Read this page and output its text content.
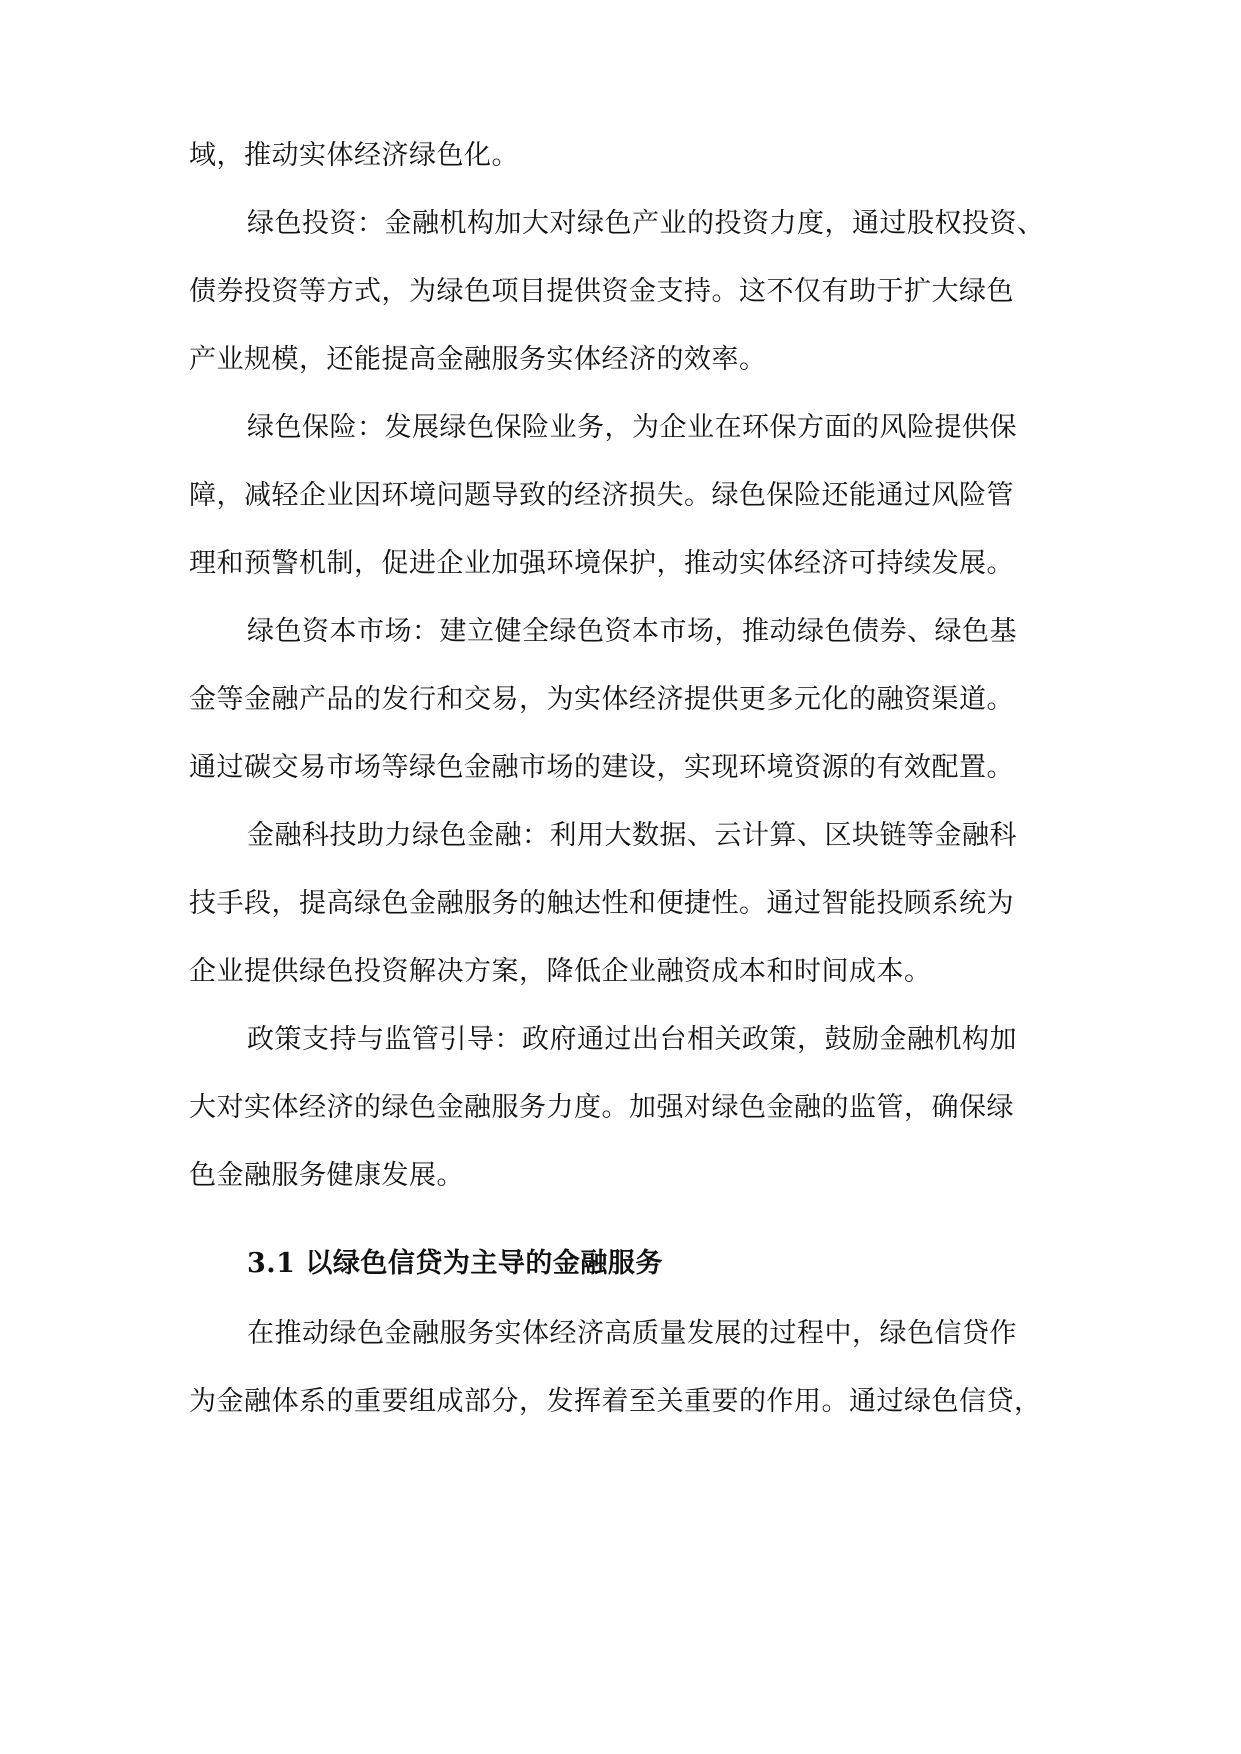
域，推动实体经济绿色化。
绿色投资：金融机构加大对绿色产业的投资力度，通过股权投资、
债券投资等方式，为绿色项目提供资金支持。这不仅有助于扩大绿色
产业规模，还能提高金融服务实体经济的效率。
绿色保险：发展绿色保险业务，为企业在环保方面的风险提供保
障，减轻企业因环境问题导致的经济损失。绿色保险还能通过风险管
理和预警机制，促进企业加强环境保护，推动实体经济可持续发展。
绿色资本市场：建立健全绿色资本市场，推动绿色债券、绿色基
金等金融产品的发行和交易，为实体经济提供更多元化的融资渠道。
通过碳交易市场等绿色金融市场的建设，实现环境资源的有效配置。
金融科技助力绿色金融：利用大数据、云计算、区块链等金融科
技手段，提高绿色金融服务的触达性和便捷性。通过智能投顾系统为
企业提供绿色投资解决方案，降低企业融资成本和时间成本。
政策支持与监管引导：政府通过出台相关政策，鼓励金融机构加
大对实体经济的绿色金融服务力度。加强对绿色金融的监管，确保绿
色金融服务健康发展。
3.1 以绿色信贷为主导的金融服务
在推动绿色金融服务实体经济高质量发展的过程中，绿色信贷作
为金融体系的重要组成部分，发挥着至关重要的作用。通过绿色信贷，
